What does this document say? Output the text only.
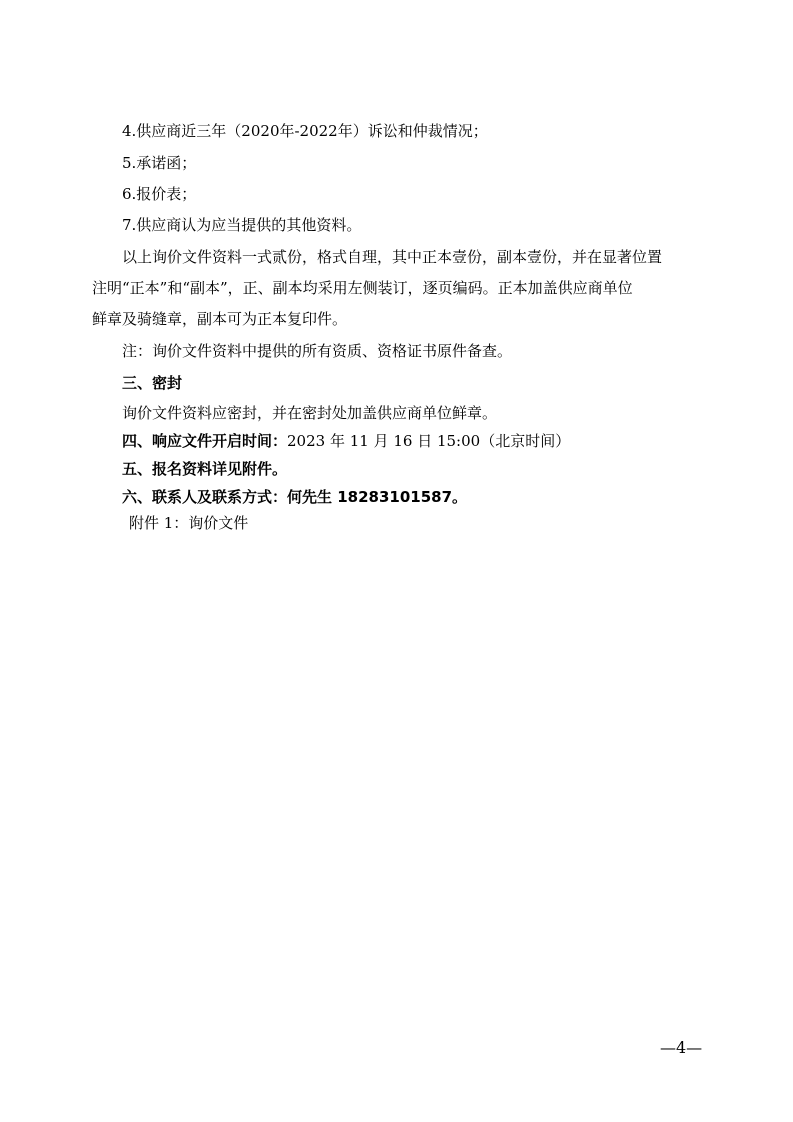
4.供应商近三年（2020年-2022年）诉讼和仲裁情况；
5.承诺函；
6.报价表；
7.供应商认为应当提供的其他资料。
以上询价文件资料一式贰份，格式自理，其中正本壹份，副本壹份，并在显著位置
注明“正本”和“副本”，正、副本均采用左侧装订，逐页编码。正本加盖供应商单位
鲜章及骑缝章，副本可为正本复印件。
注：询价文件资料中提供的所有资质、资格证书原件备查。
三、密封
询价文件资料应密封，并在密封处加盖供应商单位鲜章。
四、响应文件开启时间：2023 年 11 月 16 日 15:00（北京时间）
五、报名资料详见附件。
六、联系人及联系方式：何先生 18283101587。
附件 1：询价文件
—4—
